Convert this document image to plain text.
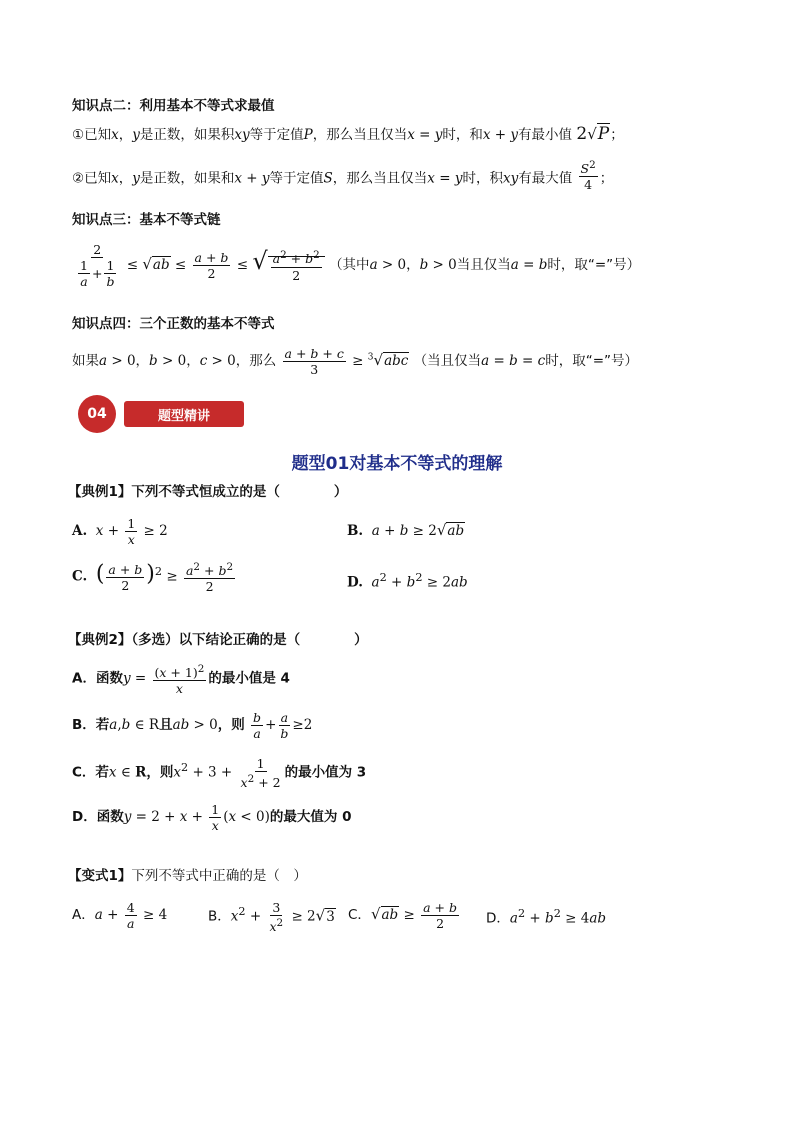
知识点二：利用基本不等式求最值
①已知x，y是正数，如果积xy等于定值P，那么当且仅当x = y时，和x + y有最小值 2√P；
②已知x，y是正数，如果和x + y等于定值S，那么当且仅当x = y时，积xy有最大值 $\frac{S^2}{4}$ ；
知识点三：基本不等式链
$\frac{2}{\frac{1}{a} + \frac{1}{b}} \le √ab \le \frac{a + b}{2}$ ≤ √ $\frac{a^2 + b^2}{2}$ （其中a > 0，b > 0当且仅当a = b时，取“=”号）
知识点四：三个正数的基本不等式
如果a > 0，b > 0，c > 0，那么 $\frac{a + b + c}{3} \ge ^3√abc$ （当且仅当a = b = c时，取“=”号）
04	题型精讲
题型01对基本不等式的理解
【典例1】下列不等式恒成立的是（　　　　）
A. $x + \frac{1}{x} \ge 2$	B. a + b ≥ 2√ab
C. ( $\frac{a + b}{2} )^2 \ge \frac{a^2 + b^2}{2}$	D. $a^2 + b^2 \ge 2ab$
【典例2】（多选）以下结论正确的是（　　　　）
A．函数$y = \frac{(x + 1)^2}{x}$ 的最小值是 4
B．若a,b ∈ R且ab > 0，则 $\frac{b}{a} + \frac{a}{b} \ge 2$
C．若x ∈ R，则$x^2 + 3 + \frac{1}{x^2 + 2}$ 的最小值为 3
D．函数$y = 2 + x + \frac{1}{x} (x < 0)$的最大值为 0
【变式1】下列不等式中正确的是（　）
A．$a + \frac{4}{a} \ge 4$	B．$x^2 + \frac{3}{x^2} \ge 2√3$ C．$√ab \ge \frac{a + b}{2}$ D．$a^2 + b^2 \ge 4ab$
